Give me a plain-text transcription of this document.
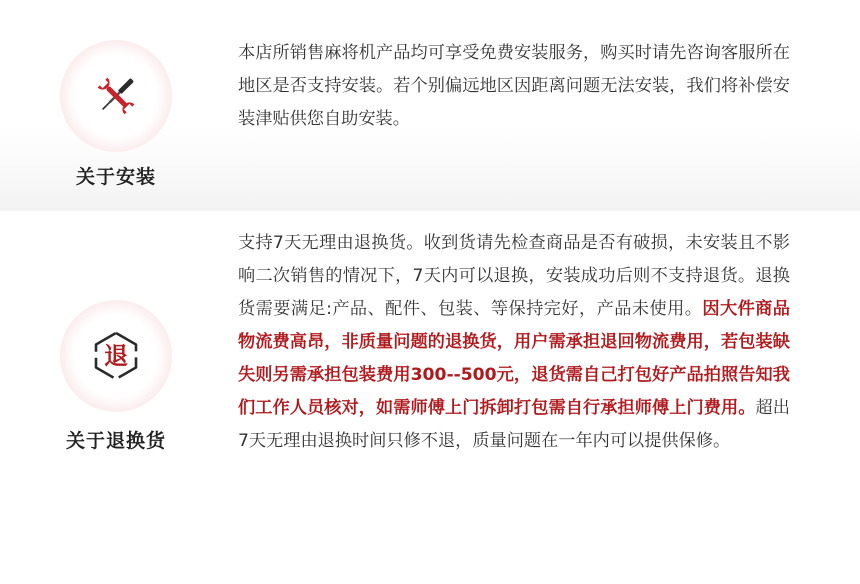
关于安装
本店所销售麻将机产品均可享受免费安装服务，购买时请先咨询客服所在地区是否支持安装。若个别偏远地区因距离问题无法安装，我们将补偿安装津贴供您自助安装。
退
关于退换货
支持7天无理由退换货。收到货请先检查商品是否有破损，未安装且不影响二次销售的情况下，7天内可以退换，安装成功后则不支持退货。退换货需要满足:产品、配件、包装、等保持完好，产品未使用。因大件商品物流费高昂，非质量问题的退换货，用户需承担退回物流费用，若包装缺失则另需承担包装费用300--500元，退货需自己打包好产品拍照告知我们工作人员核对，如需师傅上门拆卸打包需自行承担师傅上门费用。超出7天无理由退换时间只修不退，质量问题在一年内可以提供保修。
